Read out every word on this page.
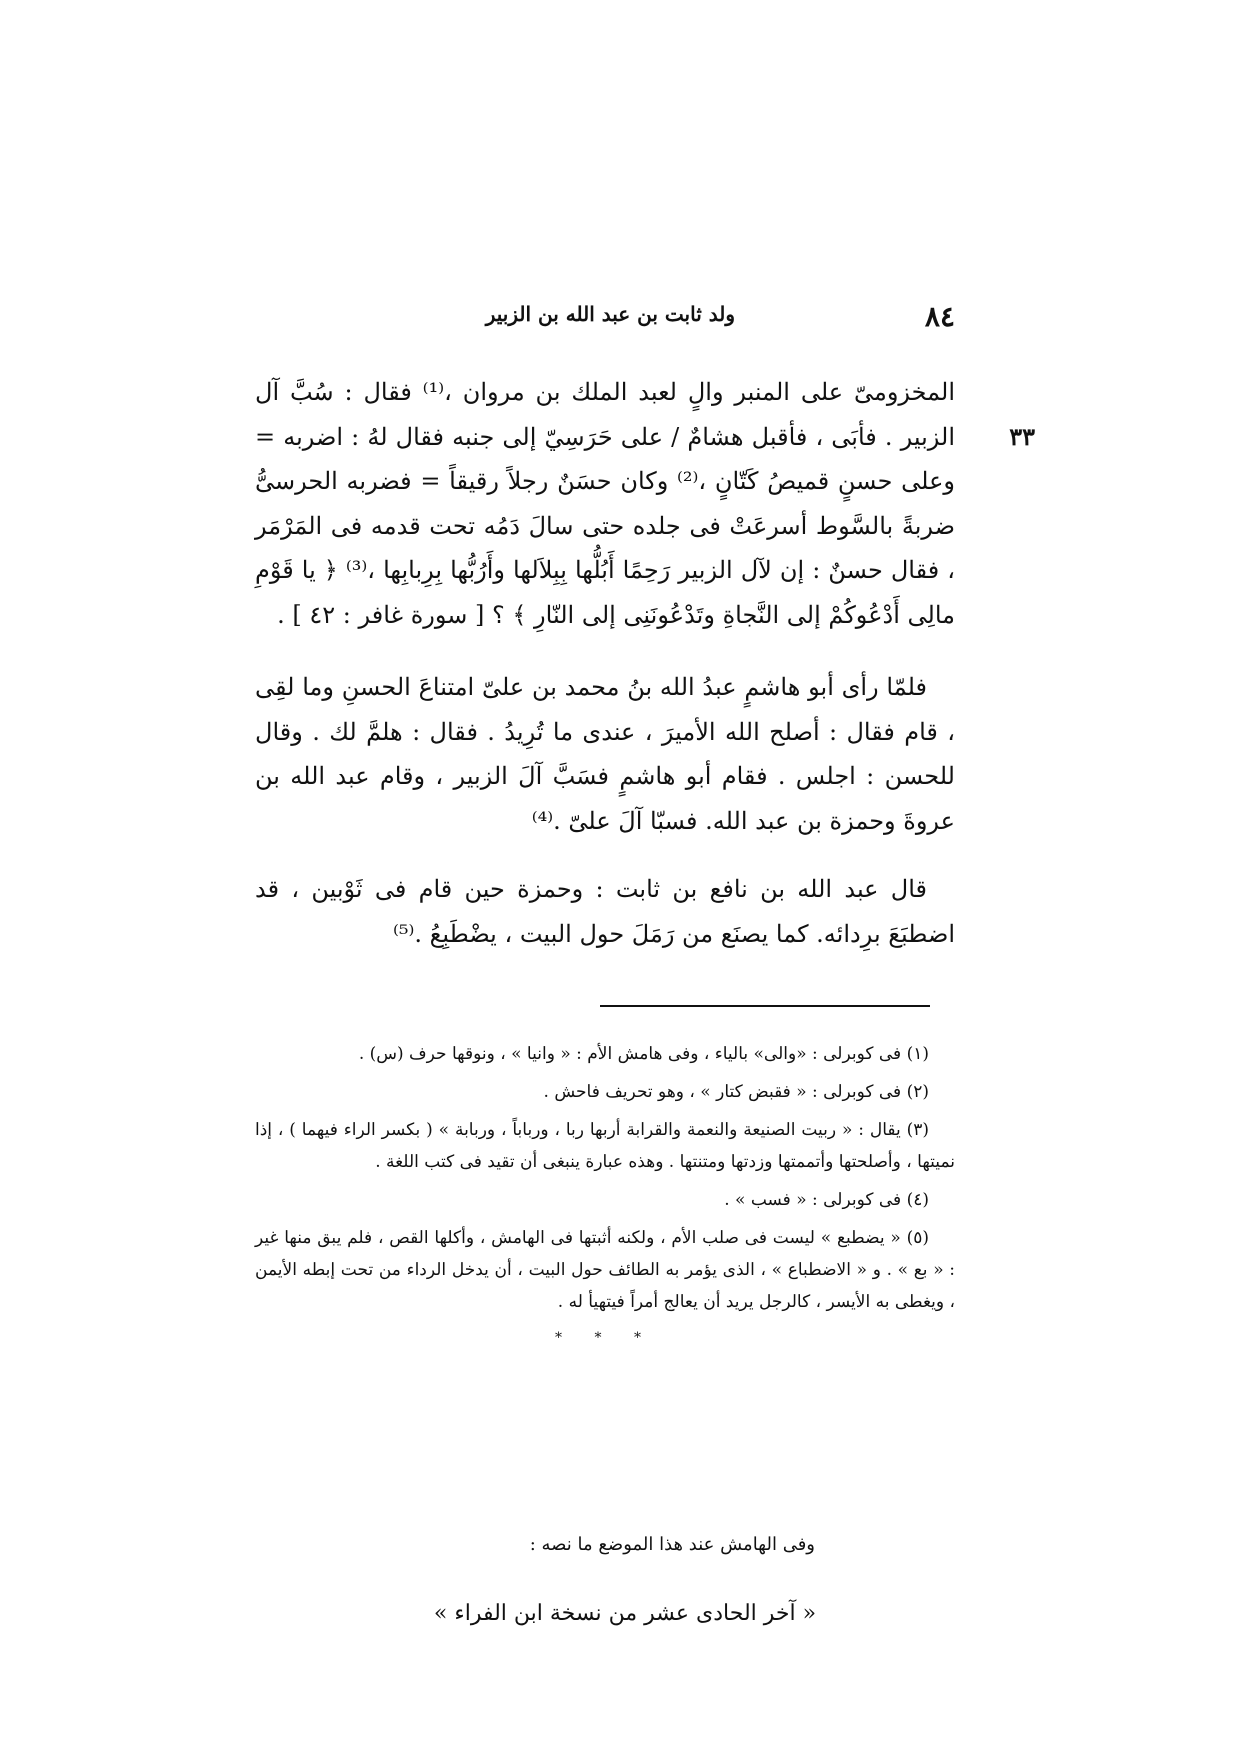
٨٤
ولد ثابت بن عبد الله بن الزبير
٣٣

المخزومىّ على المنبر والٍ لعبد الملك بن مروان ،⁽¹⁾ فقال : سُبَّ آل الزبير . فأبَى ، فأقبل هشامٌ / على حَرَسِيّ إلى جنبه فقال لهُ : اضربه = وعلى حسنٍ قميصُ كَتّانٍ ،⁽²⁾ وكان حسَنٌ رجلاً رقيقاً = فضربه الحرسىُّ ضربةً بالسَّوط أسرعَتْ فى جلده حتى سالَ دَمُه تحت قدمه فى المَرْمَر ، فقال حسنٌ : إن لآل الزبير رَحِمًا أَبُلُّها بِبِلاَلها وأَرُبُّها بِرِبابِها ،⁽³⁾ ﴿ يا قَوْمِ مالِى أَدْعُوكُمْ إلى النَّجاةِ وتَدْعُونَنِى إلى النّارِ ﴾ ؟ [ سورة غافر : ٤٢ ] .

فلمّا رأى أبو هاشمٍ عبدُ الله بنُ محمد بن علىّ امتناعَ الحسنِ وما لقِى ، قام فقال : أصلح الله الأميرَ ، عندى ما تُرِيدُ . فقال : هلمَّ لك . وقال للحسن : اجلس . فقام أبو هاشمٍ فسَبَّ آلَ الزبير ، وقام عبد الله بن عروةَ وحمزة بن عبد الله. فسبّا آلَ علىّ .⁽⁴⁾

قال عبد الله بن نافع بن ثابت : وحمزة حين قام فى ثَوْبين ، قد اضطبَعَ برِدائه. كما يصنَع من رَمَلَ حول البيت ، يضْطَبِعُ .⁽⁵⁾

(١) فى كوبرلى : «والى» بالياء ، وفى هامش الأم : « وانيا » ، ونوقها حرف (س) .
(٢) فى كوبرلى : « فقبض كتار » ، وهو تحريف فاحش .
(٣) يقال : « ربيت الصنيعة والنعمة والقرابة أربها ربا ، ورباباً ، وربابة » ( بكسر الراء فيهما ) ، إذا نميتها ، وأصلحتها وأتممتها وزدتها ومتنتها . وهذه عبارة ينبغى أن تقيد فى كتب اللغة .
(٤) فى كوبرلى : « فسب » .
(٥) « يضطبع » ليست فى صلب الأم ، ولكنه أثبتها فى الهامش ، وأكلها القص ، فلم يبق منها غير : « بع » . و « الاضطباع » ، الذى يؤمر به الطائف حول البيت ، أن يدخل الرداء من تحت إبطه الأيمن ، ويغطى به الأيسر ، كالرجل يريد أن يعالج أمراً فيتهيأ له .
* * *
وفى الهامش عند هذا الموضع ما نصه :
« آخر الحادى عشر من نسخة ابن الفراء »
